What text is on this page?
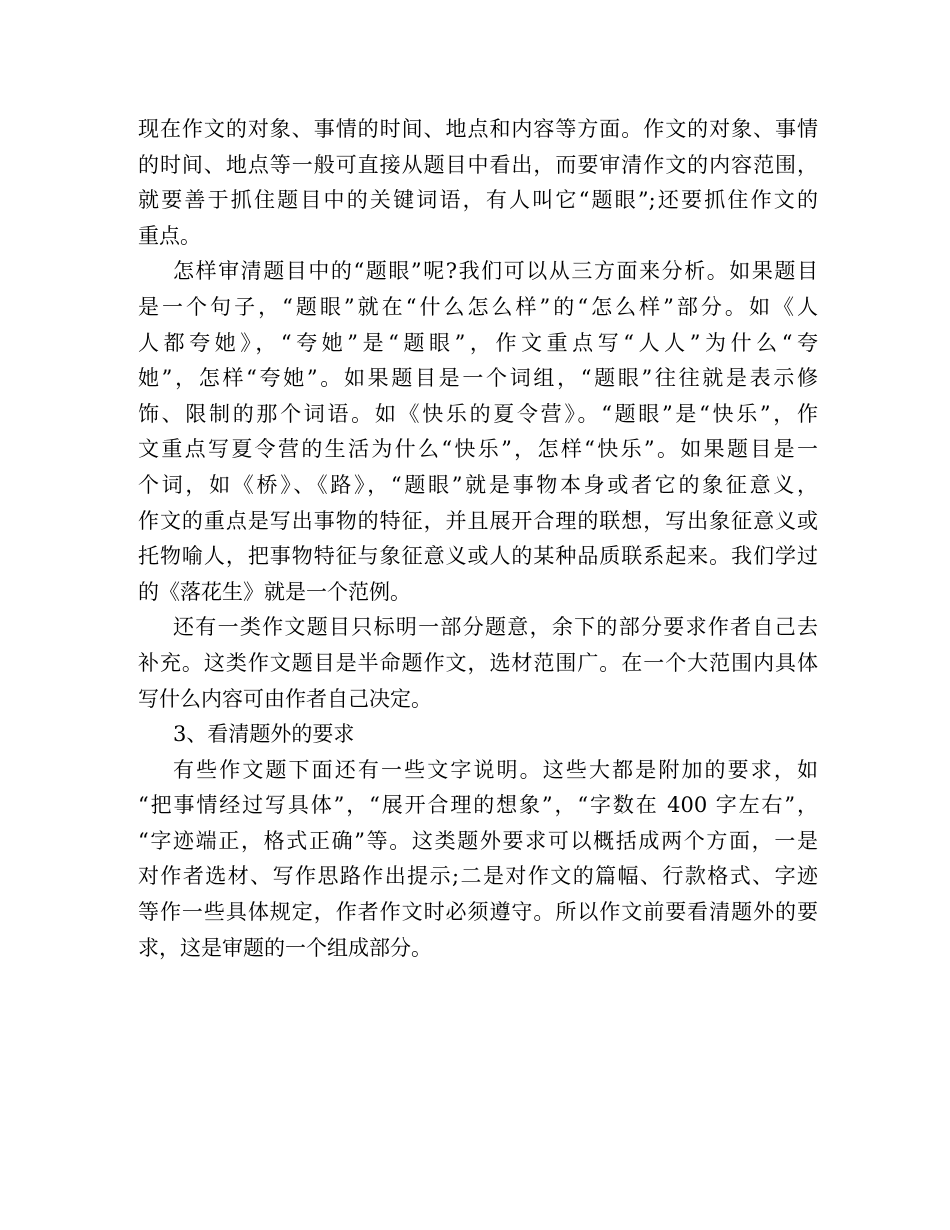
现在作文的对象、事情的时间、地点和内容等方面。作文的对象、事情

的时间、地点等一般可直接从题目中看出，而要审清作文的内容范围，

就要善于抓住题目中的关键词语，有人叫它“题眼”;还要抓住作文的

重点。

怎样审清题目中的“题眼”呢?我们可以从三方面来分析。如果题目

是一个句子，“题眼”就在“什么怎么样”的“怎么样”部分。如《人

人都夸她》，“夸她”是“题眼”，作文重点写“人人”为什么“夸

她”，怎样“夸她”。如果题目是一个词组，“题眼”往往就是表示修

饰、限制的那个词语。如《快乐的夏令营》。“题眼”是“快乐”，作

文重点写夏令营的生活为什么“快乐”，怎样“快乐”。如果题目是一

个词，如《桥》、《路》，“题眼”就是事物本身或者它的象征意义，

作文的重点是写出事物的特征，并且展开合理的联想，写出象征意义或

托物喻人，把事物特征与象征意义或人的某种品质联系起来。我们学过

的《落花生》就是一个范例。

还有一类作文题目只标明一部分题意，余下的部分要求作者自己去

补充。这类作文题目是半命题作文，选材范围广。在一个大范围内具体

写什么内容可由作者自己决定。

3、看清题外的要求

有些作文题下面还有一些文字说明。这些大都是附加的要求，如

“把事情经过写具体”，“展开合理的想象”，“字数在 400 字左右”，

“字迹端正，格式正确”等。这类题外要求可以概括成两个方面，一是

对作者选材、写作思路作出提示;二是对作文的篇幅、行款格式、字迹

等作一些具体规定，作者作文时必须遵守。所以作文前要看清题外的要

求，这是审题的一个组成部分。
